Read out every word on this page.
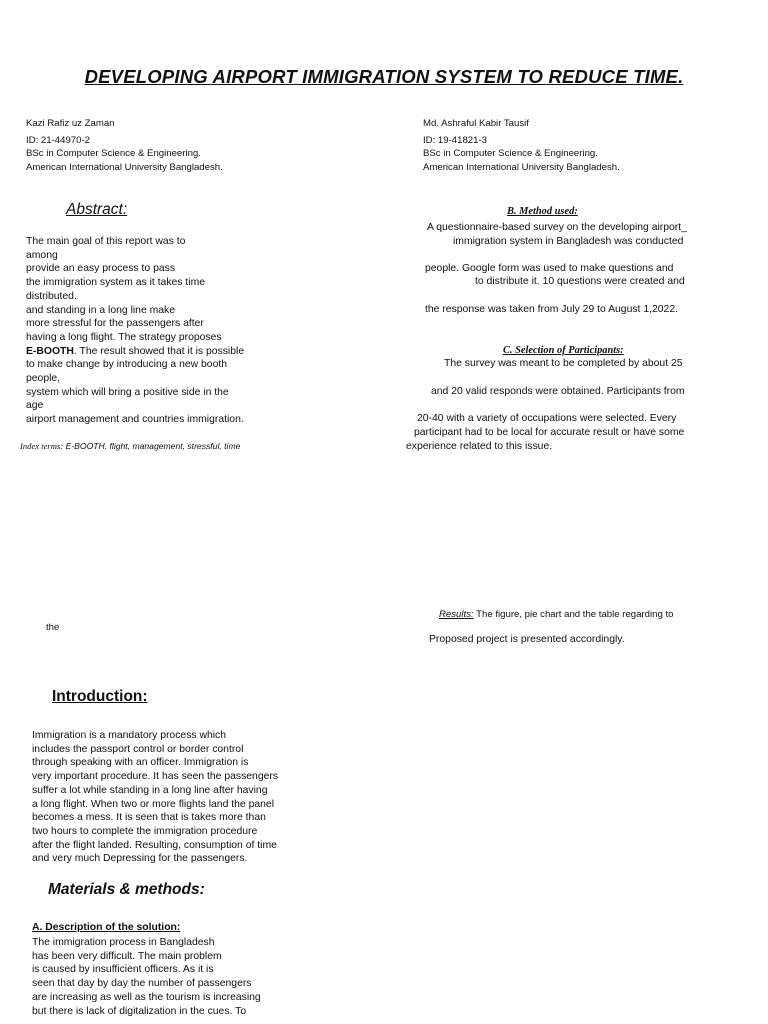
DEVELOPING AIRPORT IMMIGRATION SYSTEM TO REDUCE TIME.
Kazi Rafiz uz Zaman
ID: 21-44970-2
BSc in Computer Science & Engineering.
American International University Bangladesh.
Md. Ashraful Kabir Tausif
ID: 19-41821-3
BSc in Computer Science & Engineering.
American International University Bangladesh.
Abstract:
The main goal of this report was to
among
provide an easy process to pass
the immigration system as it takes time
distributed.
and standing in a long line make
more stressful for the passengers after
having a long flight. The strategy proposes
E-BOOTH. The result showed that it is possible
to make change by introducing a new booth
people,
system which will bring a positive side in the
age
airport management and countries immigration.
Index terms: E-BOOTH, flight, management, stressful, time
the
B. Method used:
A questionnaire-based survey on the developing airport_
immigration system in Bangladesh was conducted
people. Google form was used to make questions and
to distribute it. 10 questions were created and
the response was taken from July 29 to August 1,2022.
C. Selection of Participants:
The survey was meant to be completed by about 25
and 20 valid responds were obtained. Participants from
20-40 with a variety of occupations were selected. Every
participant had to be local for accurate result or have some
experience related to this issue.
Results: The figure, pie chart and the table regarding to
Proposed project is presented accordingly.
Introduction:
Immigration is a mandatory process which
includes the passport control or border control
through speaking with an officer. Immigration is
very important procedure. It has seen the passengers
suffer a lot while standing in a long line after having
a long flight. When two or more flights land the panel
becomes a mess. It is seen that is takes more than
two hours to complete the immigration procedure
after the flight landed. Resulting, consumption of time
and very much Depressing for the passengers.
Materials & methods:
A. Description of the solution:
The immigration process in Bangladesh
has been very difficult. The main problem
is caused by insufficient officers. As it is
seen that day by day the number of passengers
are increasing as well as the tourism is increasing
but there is lack of digitalization in the cues. To
